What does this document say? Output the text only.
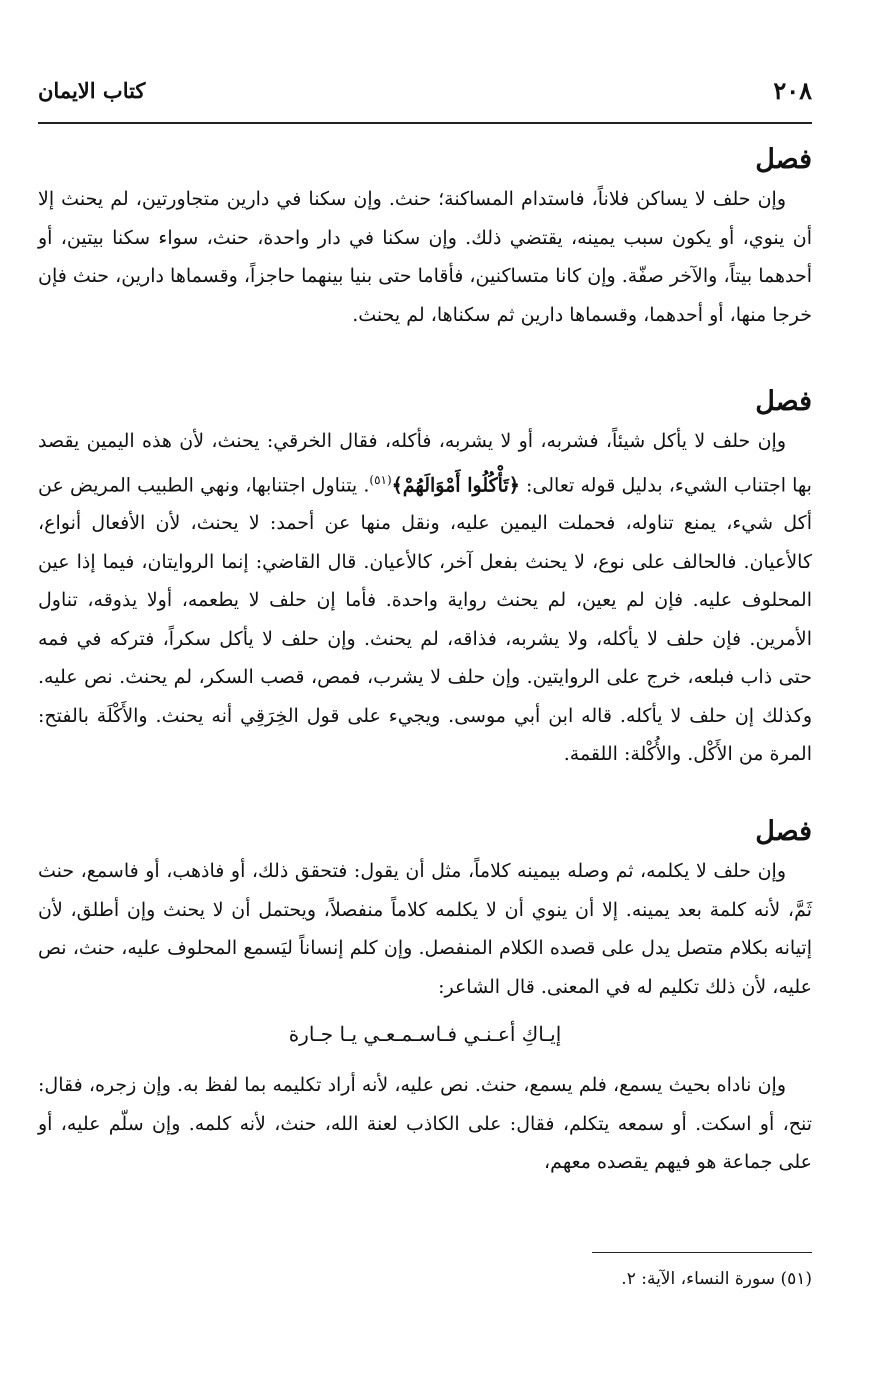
٢٠٨
كتاب الايمان
فصل

وإن حلف لا يساكن فلاناً، فاستدام المساكنة؛ حنث. وإن سكنا في دارين متجاورتين، لم يحنث إلا أن ينوي، أو يكون سبب يمينه، يقتضي ذلك. وإن سكنا في دار واحدة، حنث، سواء سكنا بيتين، أو أحدهما بيتاً، والآخر صفّة. وإن كانا متساكنين، فأقاما حتى بنيا بينهما حاجزاً، وقسماها دارين، حنث فإن خرجا منها، أو أحدهما، وقسماها دارين ثم سكناها، لم يحنث.

فصل

وإن حلف لا يأكل شيئاً، فشربه، أو لا يشربه، فأكله، فقال الخرقي: يحنث، لأن هذه اليمين يقصد بها اجتناب الشيء، بدليل قوله تعالى: ﴿تَأْكُلُوا أَمْوَالَهُمْ﴾$^{(٥١)}$. يتناول اجتنابها، ونهي الطبيب المريض عن أكل شيء، يمنع تناوله، فحملت اليمين عليه، ونقل منها عن أحمد: لا يحنث، لأن الأفعال أنواع، كالأعيان. فالحالف على نوع، لا يحنث بفعل آخر، كالأعيان. قال القاضي: إنما الروايتان، فيما إذا عين المحلوف عليه. فإن لم يعين، لم يحنث رواية واحدة. فأما إن حلف لا يطعمه، أولا يذوقه، تناول الأمرين. فإن حلف لا يأكله، ولا يشربه، فذاقه، لم يحنث. وإن حلف لا يأكل سكراً، فتركه في فمه حتى ذاب فبلعه، خرج على الروايتين. وإن حلف لا يشرب، فمص، قصب السكر، لم يحنث. نص عليه. وكذلك إن حلف لا يأكله. قاله ابن أبي موسى. ويجيء على قول الخِرَقِي أنه يحنث. والأَكْلَة بالفتح: المرة من الأَكْل. والأُكْلة: اللقمة.

فصل

وإن حلف لا يكلمه، ثم وصله بيمينه كلاماً، مثل أن يقول: فتحقق ذلك، أو فاذهب، أو فاسمع، حنث ثَمَّ، لأنه كلمة بعد يمينه. إلا أن ينوي أن لا يكلمه كلاماً منفصلاً، ويحتمل أن لا يحنث وإن أطلق، لأن إتيانه بكلام متصل يدل على قصده الكلام المنفصل. وإن كلم إنساناً ليَسمع المحلوف عليه، حنث، نص عليه، لأن ذلك تكليم له في المعنى. قال الشاعر:

إيـاكِ أعـنـي فـاسـمـعـي يـا جـارة

وإن ناداه بحيث يسمع، فلم يسمع، حنث. نص عليه، لأنه أراد تكليمه بما لفظ به. وإن زجره، فقال: تنح، أو اسكت. أو سمعه يتكلم، فقال: على الكاذب لعنة الله، حنث، لأنه كلمه. وإن سلّم عليه، أو على جماعة هو فيهم يقصده معهم،

(٥١) سورة النساء، الآية: ٢.
